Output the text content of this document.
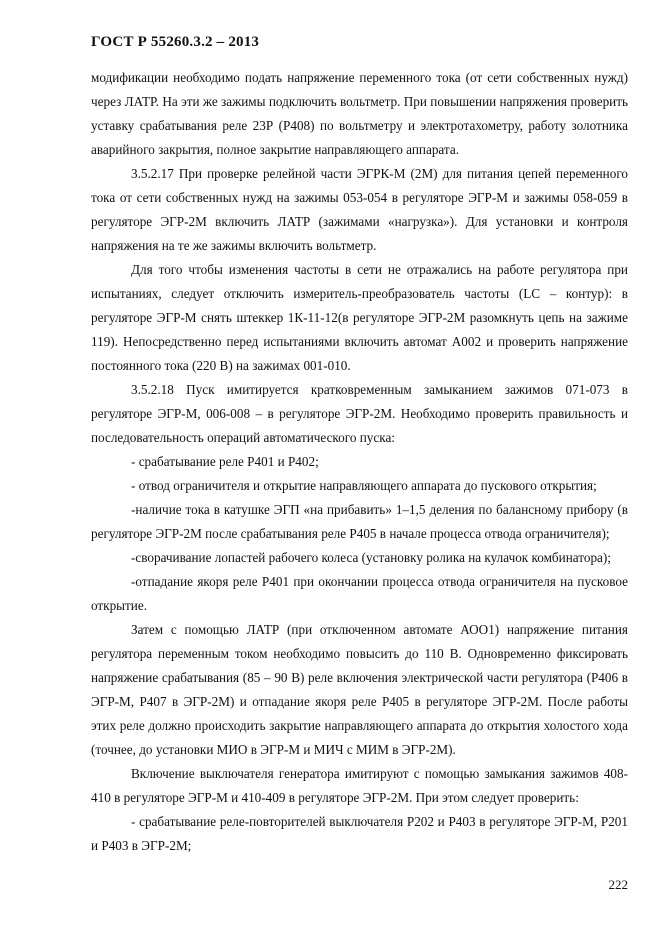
ГОСТ Р 55260.3.2 – 2013

модификации необходимо подать напряжение переменного тока (от сети собственных нужд) через ЛАТР. На эти же зажимы подключить вольтметр. При повышении напряжения проверить уставку срабатывания реле 23Р (Р408) по вольтметру и электротахометру, работу золотника аварийного закрытия, полное закрытие направляющего аппарата.

3.5.2.17 При проверке релейной части ЭГРК-М (2М) для питания цепей переменного тока от сети собственных нужд на зажимы 053-054 в регуляторе ЭГР-М и зажимы 058-059 в регуляторе ЭГР-2М включить ЛАТР (зажимами «нагрузка»). Для установки и контроля напряжения на те же зажимы включить вольтметр.

Для того чтобы изменения частоты в сети не отражались на работе регулятора при испытаниях, следует отключить измеритель-преобразователь частоты (LC – контур): в регуляторе ЭГР-М снять штеккер 1К-11-12(в регуляторе ЭГР-2М разомкнуть цепь на зажиме 119). Непосредственно перед испытаниями включить автомат А002 и проверить напряжение постоянного тока (220 В) на зажимах 001-010.

3.5.2.18 Пуск имитируется кратковременным замыканием зажимов 071-073 в регуляторе ЭГР-М, 006-008 – в регуляторе ЭГР-2М. Необходимо проверить правильность и последовательность операций автоматического пуска:

- срабатывание реле Р401 и Р402;

- отвод ограничителя и открытие направляющего аппарата до пускового открытия;

-наличие тока в катушке ЭГП «на прибавить» 1–1,5 деления по балансному прибору (в регуляторе ЭГР-2М после срабатывания реле Р405 в начале процесса отвода ограничителя);

-сворачивание лопастей рабочего колеса (установку ролика на кулачок комбинатора);

-отпадание якоря реле Р401 при окончании процесса отвода ограничителя на пусковое открытие.

Затем с помощью ЛАТР (при отключенном автомате АОО1) напряжение питания регулятора переменным током необходимо повысить до 110 В. Одновременно фиксировать напряжение срабатывания (85 – 90 В) реле включения электрической части регулятора (Р406 в ЭГР-М, Р407 в ЭГР-2М) и отпадание якоря реле Р405 в регуляторе ЭГР-2М. После работы этих реле должно происходить закрытие направляющего аппарата до открытия холостого хода (точнее, до установки МИО в ЭГР-М и МИЧ с МИМ в ЭГР-2М).

Включение выключателя генератора имитируют с помощью замыкания зажимов 408-410 в регуляторе ЭГР-М и 410-409 в регуляторе ЭГР-2М. При этом следует проверить:

- срабатывание реле-повторителей выключателя Р202 и Р403 в регуляторе ЭГР-М, Р201 и Р403 в ЭГР-2М;

222
